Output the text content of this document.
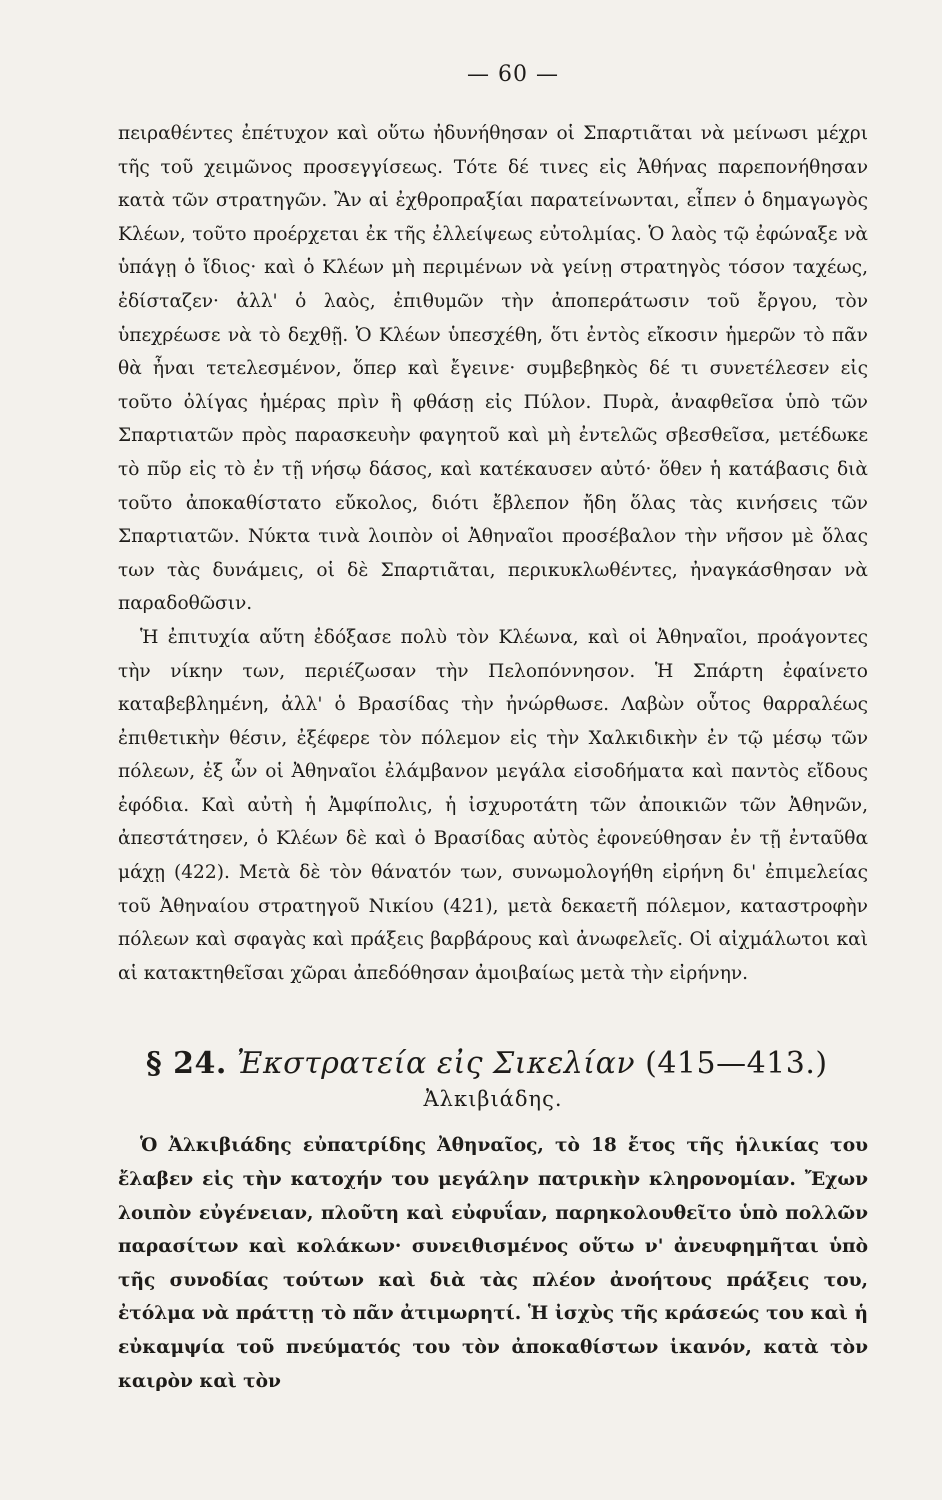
— 60 —

πειραθέντες ἐπέτυχον καὶ οὕτω ἠδυνήθησαν οἱ Σπαρτιᾶται νὰ μείνωσι μέχρι τῆς τοῦ χειμῶνος προσεγγίσεως. Τότε δέ τινες εἰς Ἀθήνας παρεπονήθησαν κατὰ τῶν στρατηγῶν. Ἂν αἱ ἐχθροπραξίαι παρατείνωνται, εἶπεν ὁ δημαγωγὸς Κλέων, τοῦτο προέρχεται ἐκ τῆς ἐλλείψεως εὐτολμίας. Ὁ λαὸς τῷ ἐφώναξε νὰ ὑπάγῃ ὁ ἴδιος· καὶ ὁ Κλέων μὴ περιμένων νὰ γείνῃ στρατηγὸς τόσον ταχέως, ἐδίσταζεν· ἀλλ' ὁ λαὸς, ἐπιθυμῶν τὴν ἀποπεράτωσιν τοῦ ἔργου, τὸν ὑπεχρέωσε νὰ τὸ δεχθῇ. Ὁ Κλέων ὑπεσχέθη, ὅτι ἐντὸς εἴκοσιν ἡμερῶν τὸ πᾶν θὰ ἦναι τετελεσμένον, ὅπερ καὶ ἔγεινε· συμβεβηκὸς δέ τι συνετέλεσεν εἰς τοῦτο ὀλίγας ἡμέρας πρὶν ἢ φθάσῃ εἰς Πύλον. Πυρὰ, ἀναφθεῖσα ὑπὸ τῶν Σπαρτιατῶν πρὸς παρασκευὴν φαγητοῦ καὶ μὴ ἐντελῶς σβεσθεῖσα, μετέδωκε τὸ πῦρ εἰς τὸ ἐν τῇ νήσῳ δάσος, καὶ κατέκαυσεν αὐτό· ὅθεν ἡ κατάβασις διὰ τοῦτο ἀποκαθίστατο εὔκολος, διότι ἔβλεπον ἤδη ὅλας τὰς κινήσεις τῶν Σπαρτιατῶν. Νύκτα τινὰ λοιπὸν οἱ Ἀθηναῖοι προσέβαλον τὴν νῆσον μὲ ὅλας των τὰς δυνάμεις, οἱ δὲ Σπαρτιᾶται, περικυκλωθέντες, ἠναγκάσθησαν νὰ παραδοθῶσιν.

Ἡ ἐπιτυχία αὕτη ἐδόξασε πολὺ τὸν Κλέωνα, καὶ οἱ Ἀθηναῖοι, προάγοντες τὴν νίκην των, περιέζωσαν τὴν Πελοπόννησον. Ἡ Σπάρτη ἐφαίνετο καταβεβλημένη, ἀλλ' ὁ Βρασίδας τὴν ἠνώρθωσε. Λαβὼν οὗτος θαρραλέως ἐπιθετικὴν θέσιν, ἐξέφερε τὸν πόλεμον εἰς τὴν Χαλκιδικὴν ἐν τῷ μέσῳ τῶν πόλεων, ἐξ ὧν οἱ Ἀθηναῖοι ἐλάμβανον μεγάλα εἰσοδήματα καὶ παντὸς εἴδους ἐφόδια. Καὶ αὐτὴ ἡ Ἀμφίπολις, ἡ ἰσχυροτάτη τῶν ἀποικιῶν τῶν Ἀθηνῶν, ἀπεστάτησεν, ὁ Κλέων δὲ καὶ ὁ Βρασίδας αὐτὸς ἐφονεύθησαν ἐν τῇ ἐνταῦθα μάχῃ (422). Μετὰ δὲ τὸν θάνατόν των, συνωμολογήθη εἰρήνη δι' ἐπιμελείας τοῦ Ἀθηναίου στρατηγοῦ Νικίου (421), μετὰ δεκαετῆ πόλεμον, καταστροφὴν πόλεων καὶ σφαγὰς καὶ πράξεις βαρβάρους καὶ ἀνωφελεῖς. Οἱ αἰχμάλωτοι καὶ αἱ κατακτηθεῖσαι χῶραι ἀπεδόθησαν ἀμοιβαίως μετὰ τὴν εἰρήνην.

§ 24. Ἐκστρατεία εἰς Σικελίαν (415—413.)
Ἀλκιβιάδης.

Ὁ Ἀλκιβιάδης εὐπατρίδης Ἀθηναῖος, τὸ 18 ἔτος τῆς ἡλικίας του ἔλαβεν εἰς τὴν κατοχήν του μεγάλην πατρικὴν κληρονομίαν. Ἔχων λοιπὸν εὐγένειαν, πλοῦτη καὶ εὐφυΐαν, παρηκολουθεῖτο ὑπὸ πολλῶν παρασίτων καὶ κολάκων· συνειθισμένος οὕτω ν' ἀνευφημῆται ὑπὸ τῆς συνοδίας τούτων καὶ διὰ τὰς πλέον ἀνοήτους πράξεις του, ἐτόλμα νὰ πράττῃ τὸ πᾶν ἀτιμωρητί. Ἡ ἰσχὺς τῆς κράσεώς του καὶ ἡ εὐκαμψία τοῦ πνεύματός του τὸν ἀποκαθίστων ἱκανόν, κατὰ τὸν καιρὸν καὶ τὸν
